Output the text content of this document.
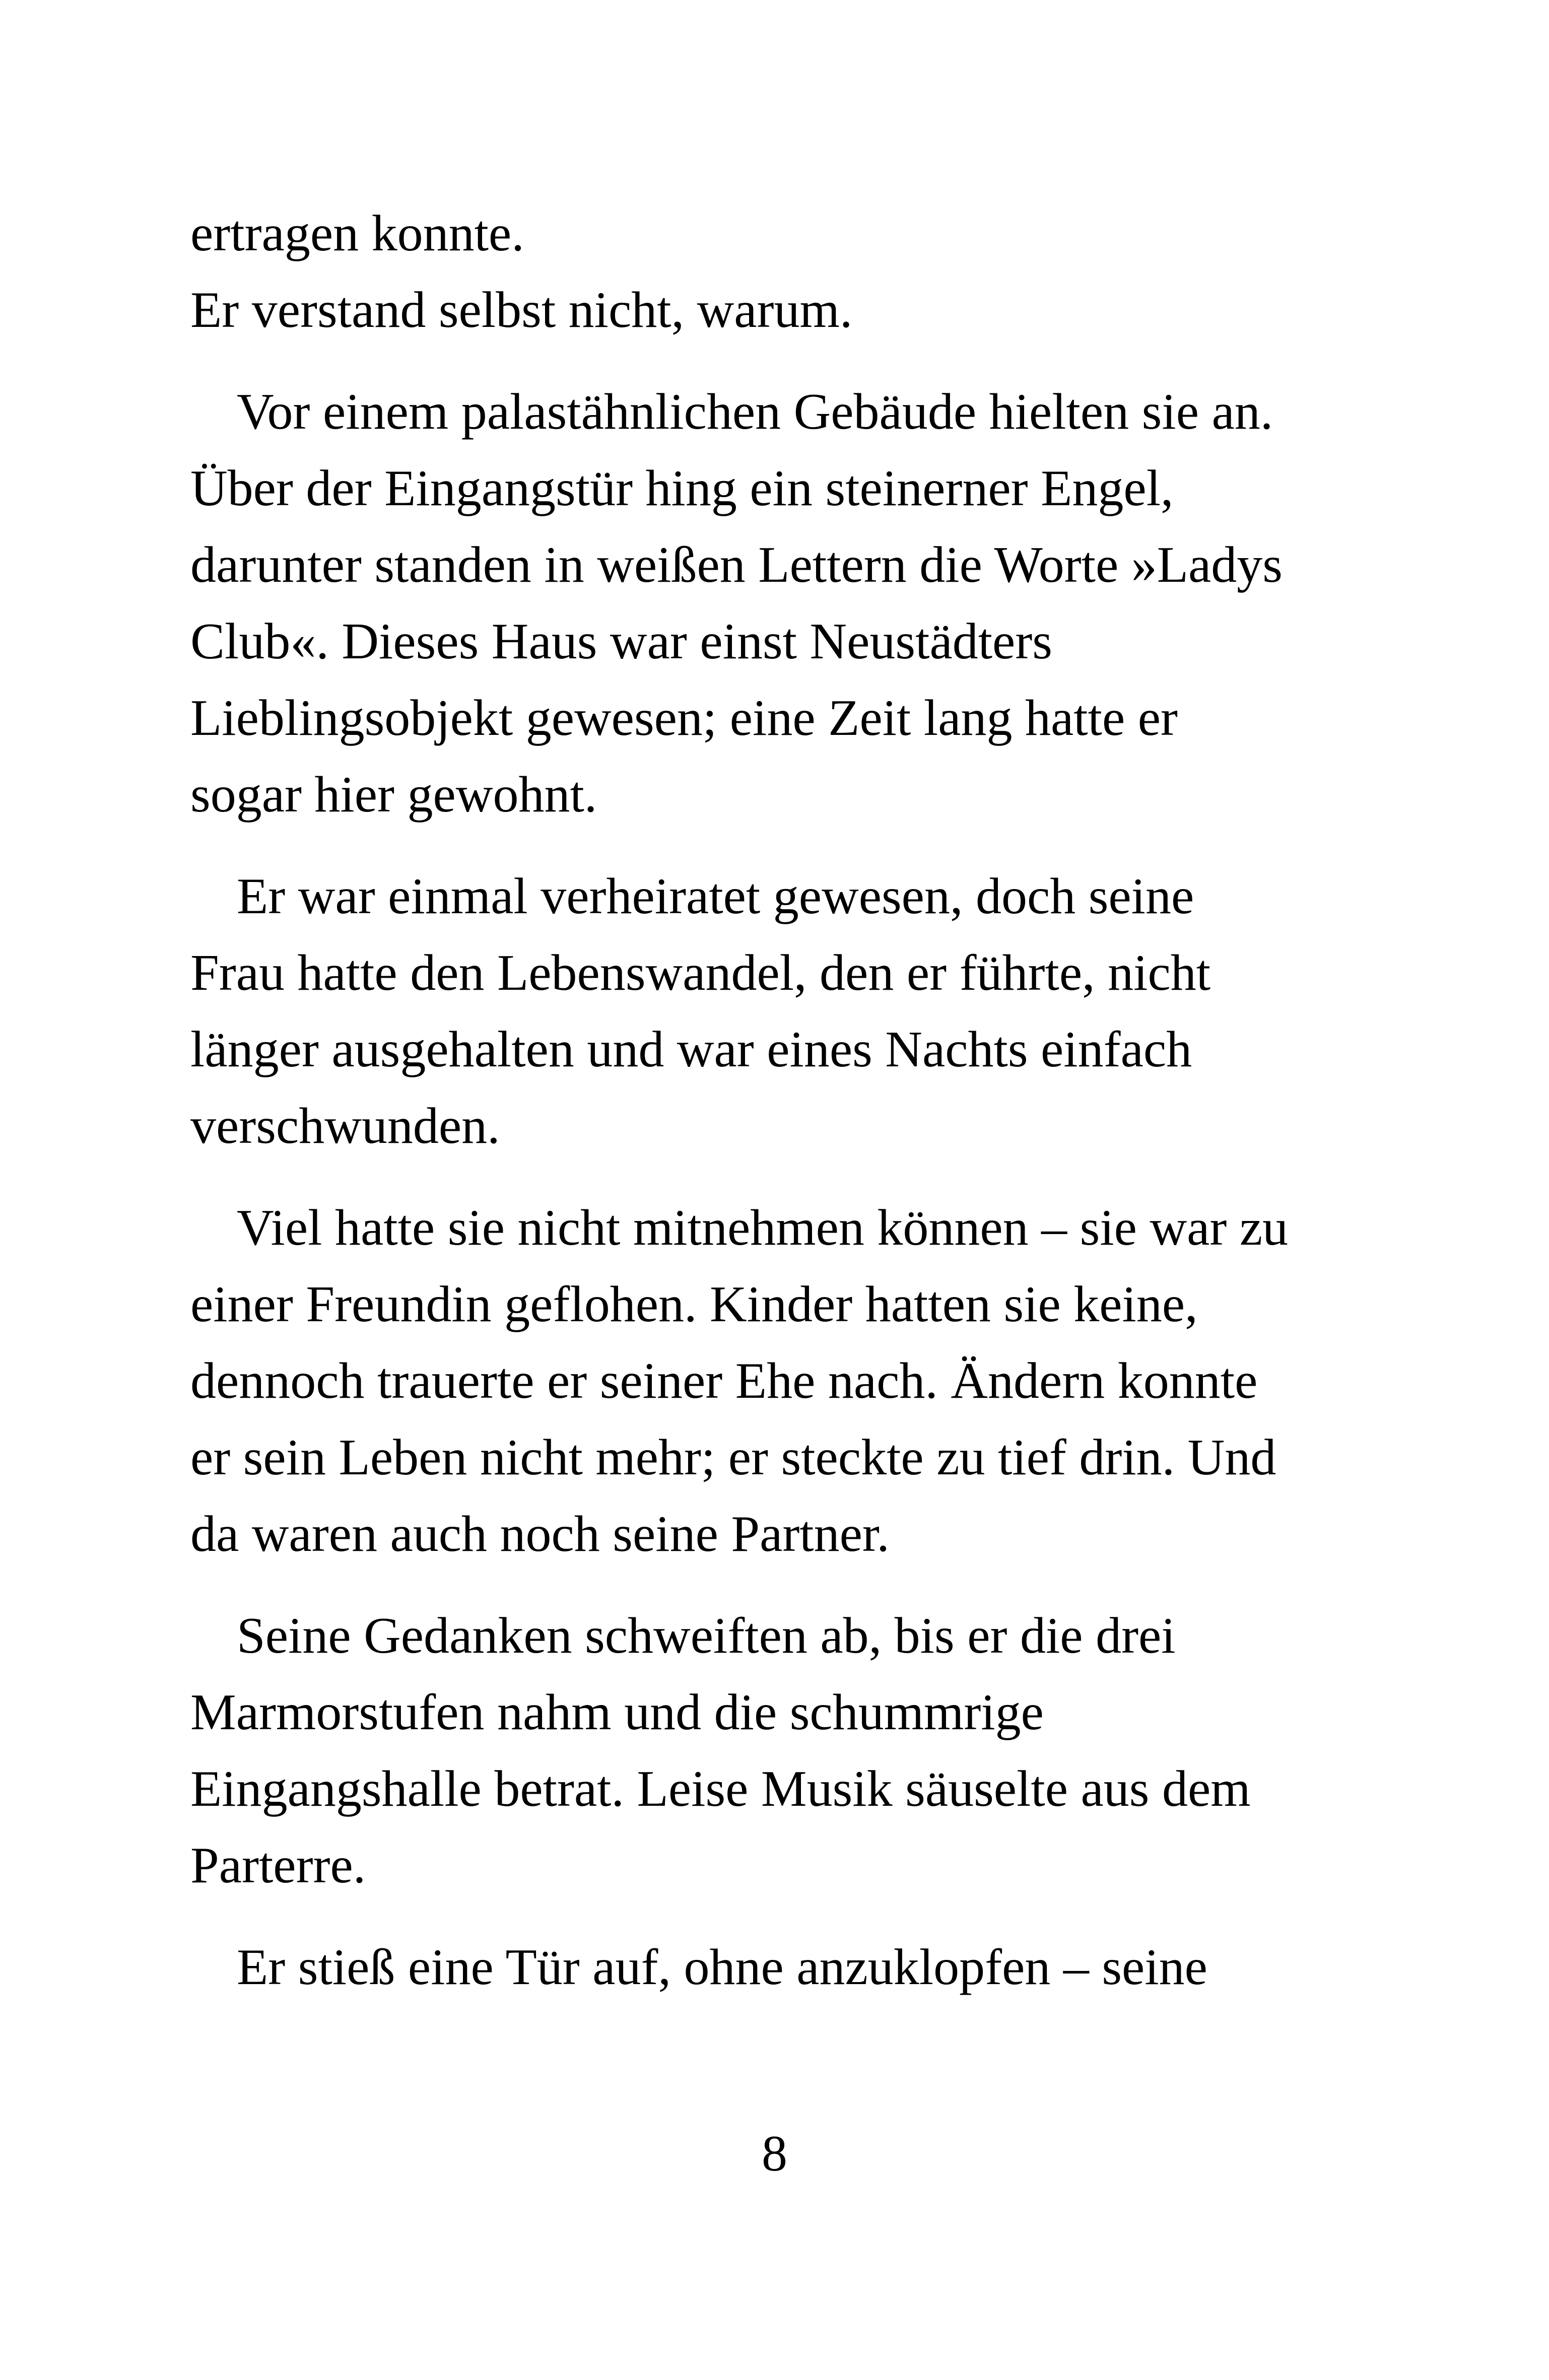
ertragen konnte.

Er verstand selbst nicht, warum.

Vor einem palastähnlichen Gebäude hielten sie an.
Über der Eingangstür hing ein steinerner Engel,
darunter standen in weißen Lettern die Worte »Ladys
Club«. Dieses Haus war einst Neustädters
Lieblingsobjekt gewesen; eine Zeit lang hatte er
sogar hier gewohnt.

Er war einmal verheiratet gewesen, doch seine
Frau hatte den Lebenswandel, den er führte, nicht
länger ausgehalten und war eines Nachts einfach
verschwunden.

Viel hatte sie nicht mitnehmen können – sie war zu
einer Freundin geflohen. Kinder hatten sie keine,
dennoch trauerte er seiner Ehe nach. Ändern konnte
er sein Leben nicht mehr; er steckte zu tief drin. Und
da waren auch noch seine Partner.

Seine Gedanken schweiften ab, bis er die drei
Marmorstufen nahm und die schummrige
Eingangshalle betrat. Leise Musik säuselte aus dem
Parterre.

Er stieß eine Tür auf, ohne anzuklopfen – seine

8
